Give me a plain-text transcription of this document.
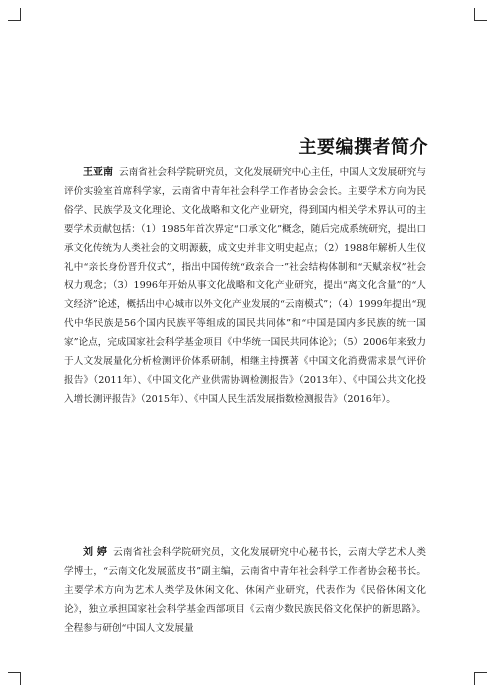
主要编撰者简介

王亚南 云南省社会科学院研究员，文化发展研究中心主任，中国人文发展研究与评价实验室首席科学家，云南省中青年社会科学工作者协会会长。主要学术方向为民俗学、民族学及文化理论、文化战略和文化产业研究，得到国内相关学术界认可的主要学术贡献包括：（1）1985年首次界定“口承文化”概念，随后完成系统研究，提出口承文化传统为人类社会的文明源薮，成文史并非文明史起点；（2）1988年解析人生仪礼中“亲长身份晋升仪式”，指出中国传统“政亲合一”社会结构体制和“天赋亲权”社会权力观念；（3）1996年开始从事文化战略和文化产业研究，提出“离文化含量”的“人文经济”论述，概括出中心城市以外文化产业发展的“云南模式”；（4）1999年提出“现代中华民族是56个国内民族平等组成的国民共同体”和“中国是国内多民族的统一国家”论点，完成国家社会科学基金项目《中华统一国民共同体论》；（5）2006年来致力于人文发展量化分析检测评价体系研制，相继主持撰著《中国文化消费需求景气评价报告》（2011年）、《中国文化产业供需协调检测报告》（2013年）、《中国公共文化投入增长测评报告》（2015年）、《中国人民生活发展指数检测报告》（2016年）。

刘 婷 云南省社会科学院研究员，文化发展研究中心秘书长，云南大学艺术人类学博士，“云南文化发展蓝皮书”副主编，云南省中青年社会科学工作者协会秘书长。主要学术方向为艺术人类学及休闲文化、休闲产业研究，代表作为《民俗休闲文化论》，独立承担国家社会科学基金西部项目《云南少数民族民俗文化保护的新思路》。全程参与研创“中国人文发展量
